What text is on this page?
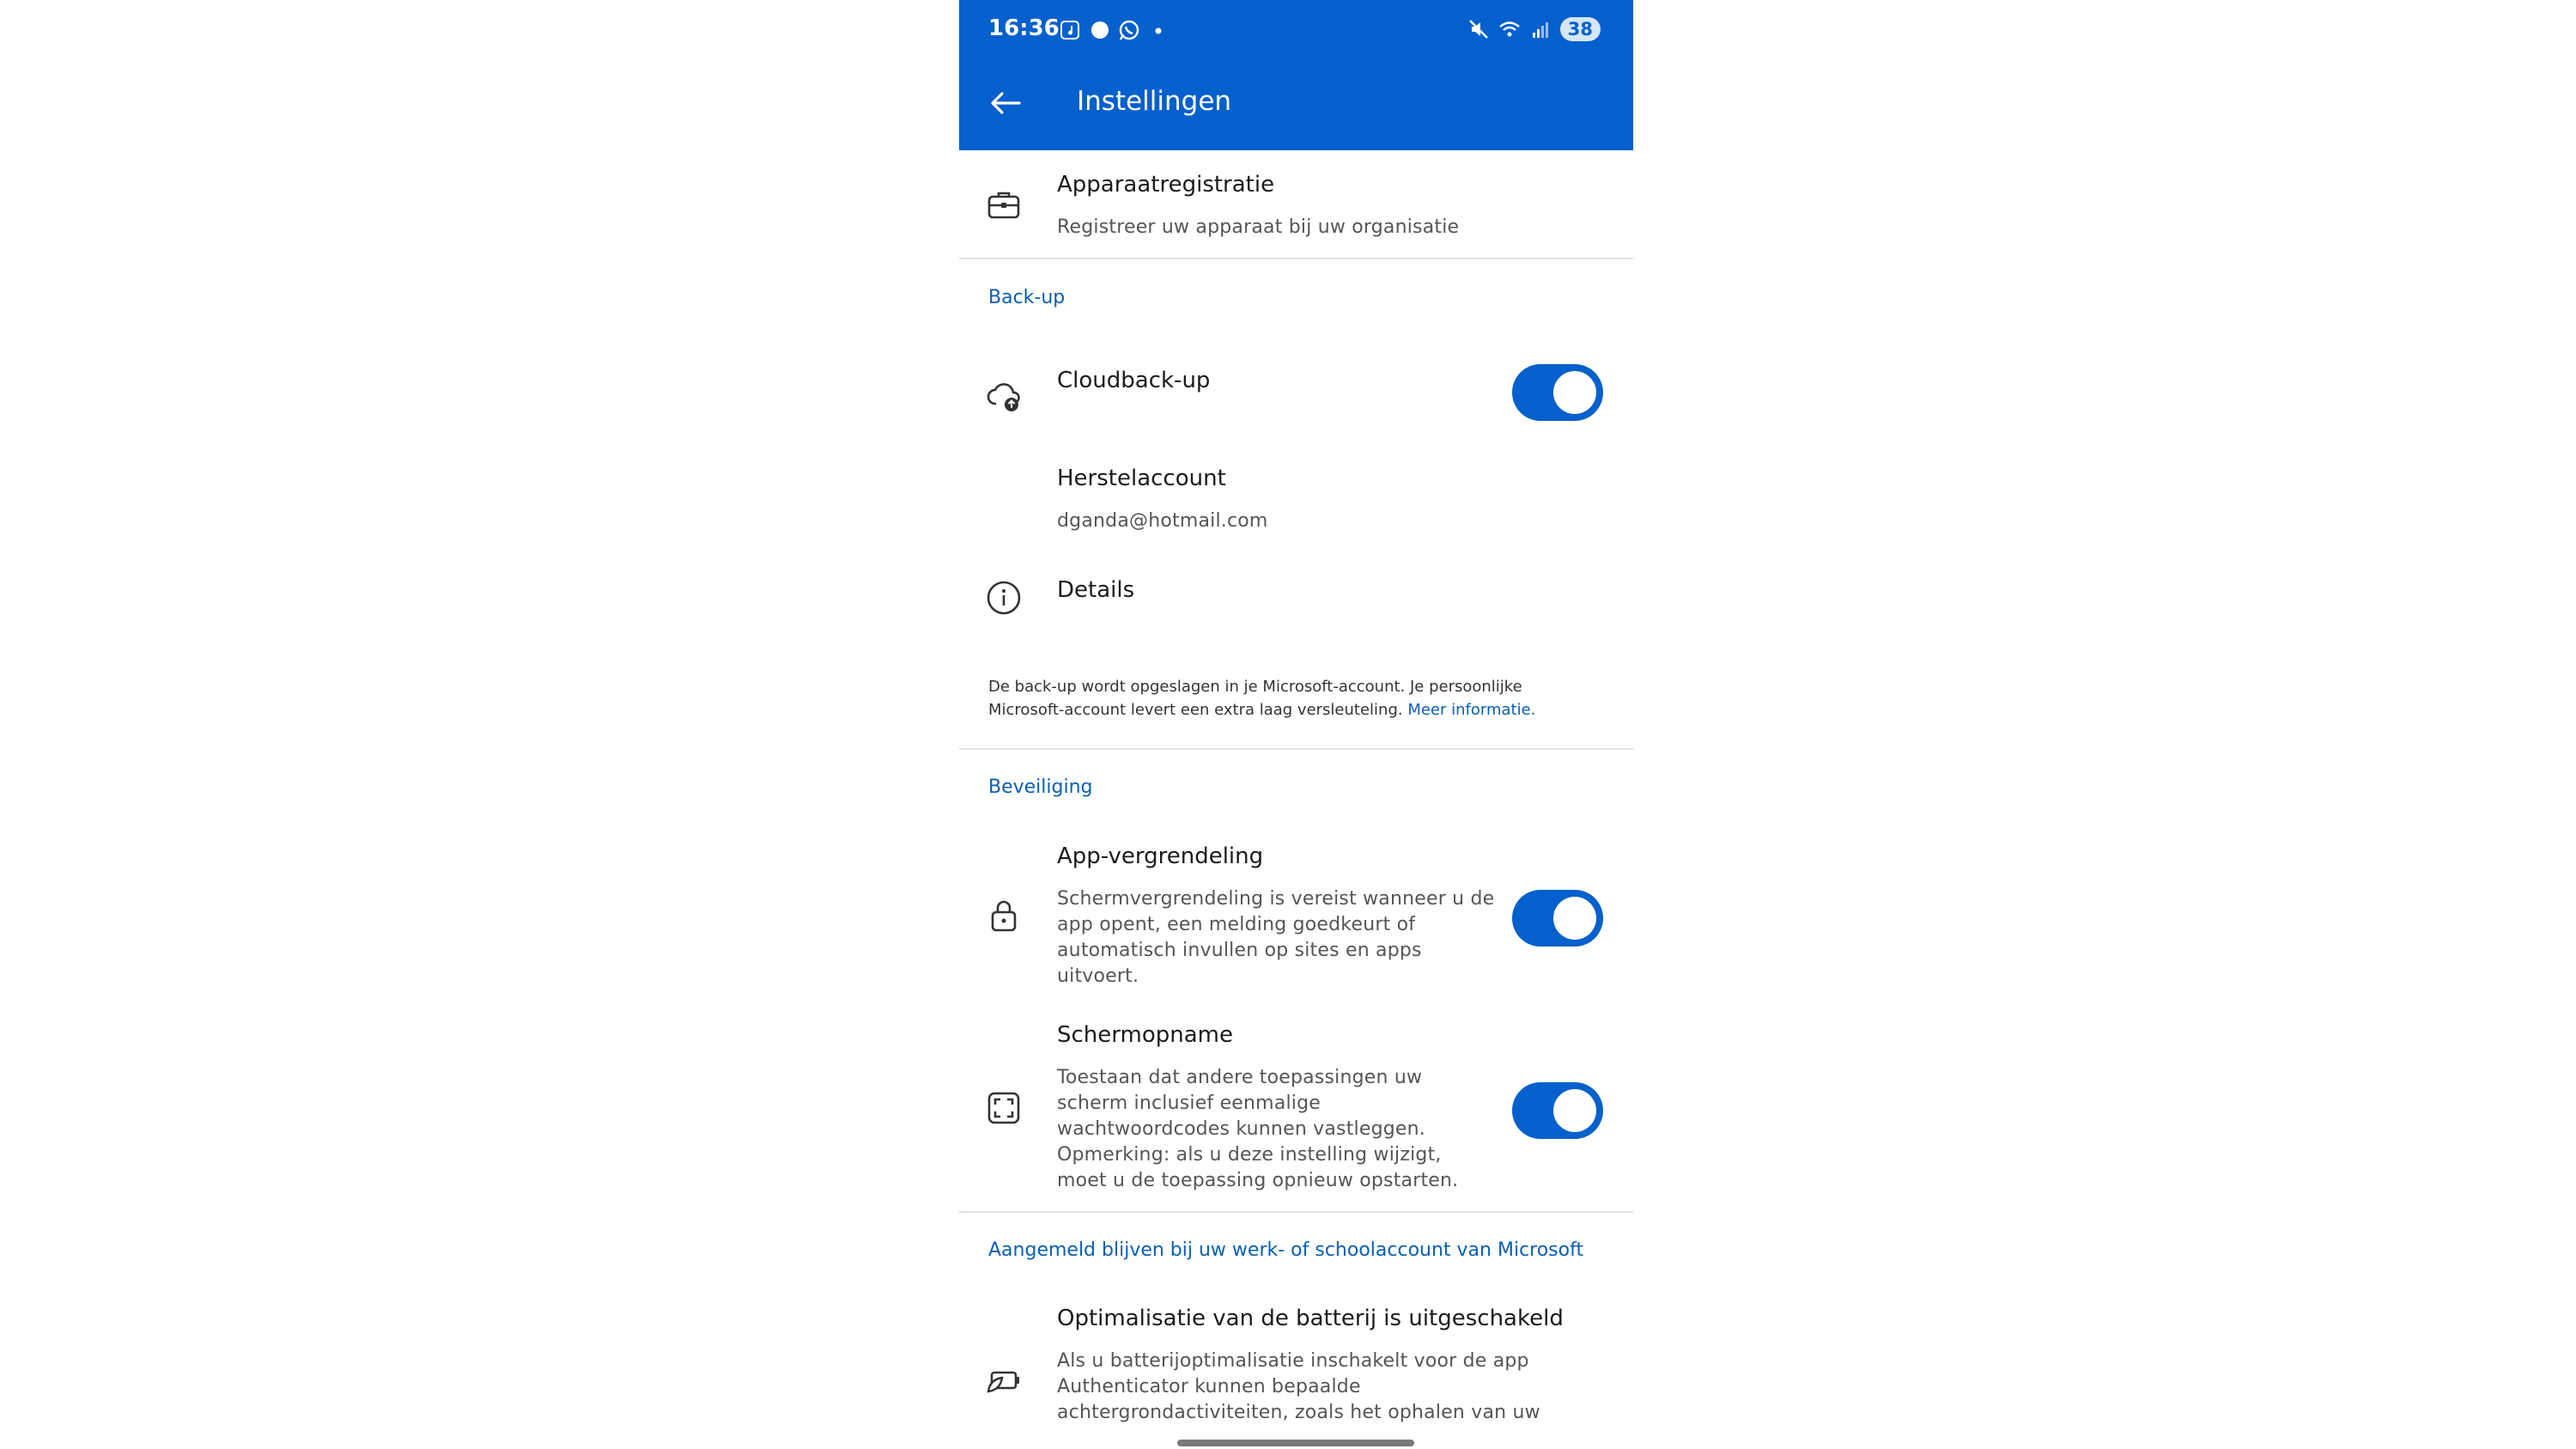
16:36	38
Instellingen
Apparaatregistratie
Registreer uw apparaat bij uw organisatie
Back-up
Cloudback-up
Herstelaccount
dganda@hotmail.com
Details
De back-up wordt opgeslagen in je Microsoft-account. Je persoonlijke
Microsoft-account levert een extra laag versleuteling. Meer informatie.
Beveiliging
App-vergrendeling
Schermvergrendeling is vereist wanneer u de
app opent, een melding goedkeurt of
automatisch invullen op sites en apps
uitvoert.
Schermopname
Toestaan dat andere toepassingen uw
scherm inclusief eenmalige
wachtwoordcodes kunnen vastleggen.
Opmerking: als u deze instelling wijzigt,
moet u de toepassing opnieuw opstarten.
Aangemeld blijven bij uw werk- of schoolaccount van Microsoft
Optimalisatie van de batterij is uitgeschakeld
Als u batterijoptimalisatie inschakelt voor de app
Authenticator kunnen bepaalde
achtergrondactiviteiten, zoals het ophalen van uw
